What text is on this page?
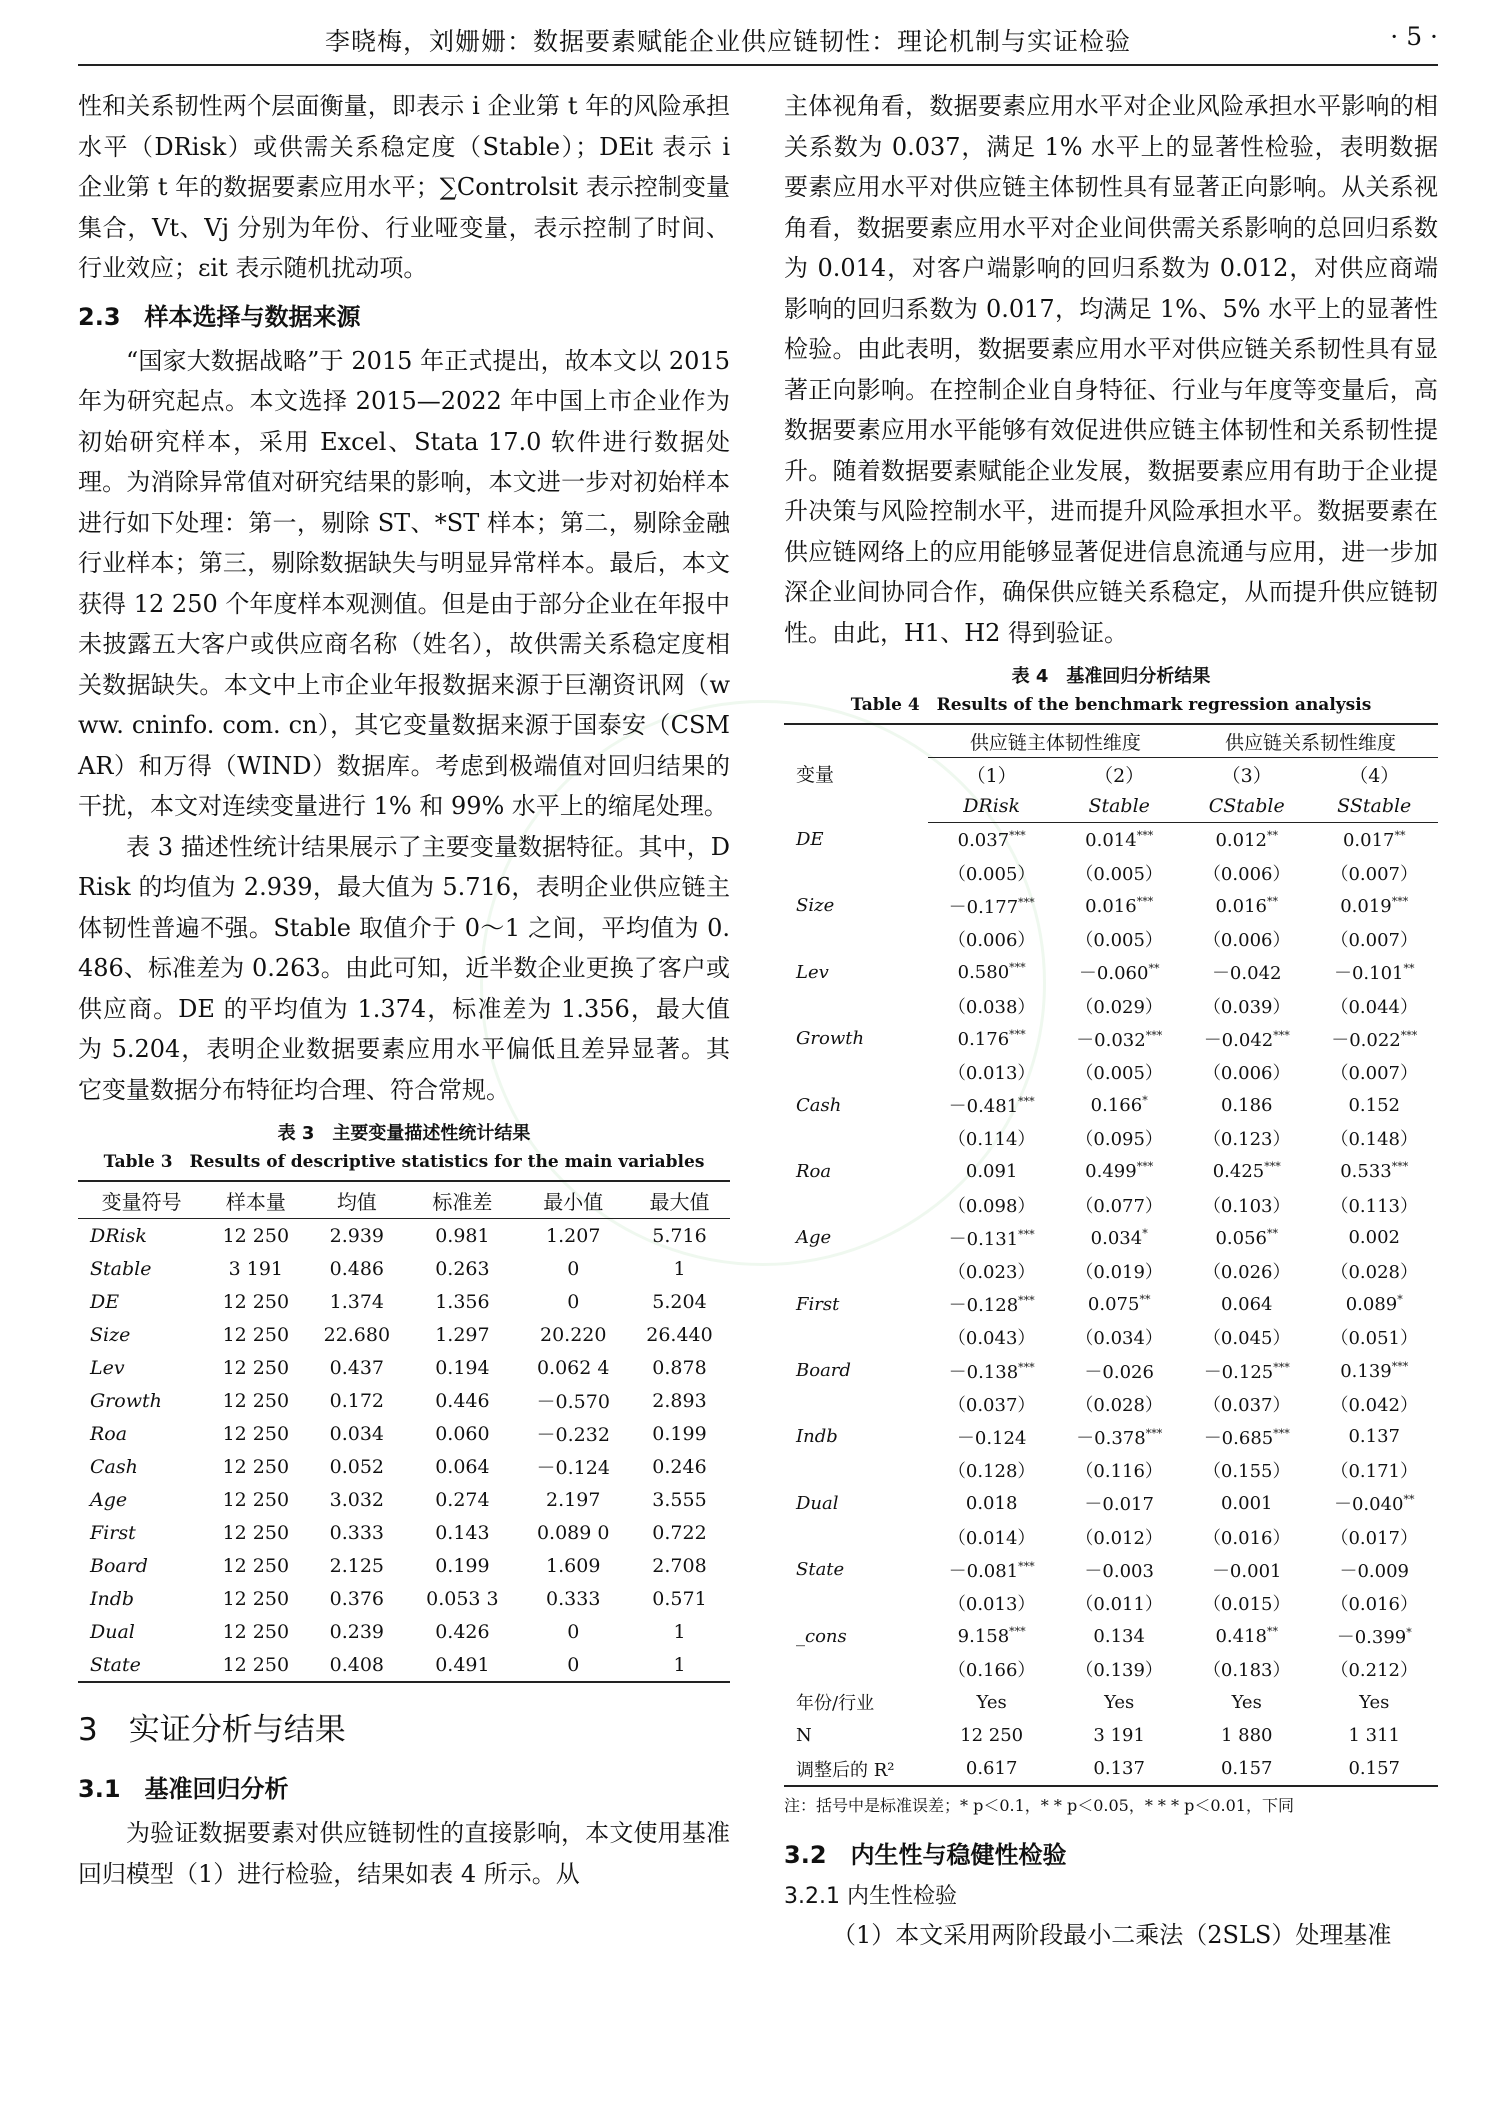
李晓梅，刘姗姗：数据要素赋能企业供应链韧性：理论机制与实证检验	· 5 ·

性和关系韧性两个层面衡量，即表示 i 企业第 t 年的风险承担水平（DRisk）或供需关系稳定度（Stable）；DEit 表示 i 企业第 t 年的数据要素应用水平；∑Controlsit 表示控制变量集合，Vt、Vj 分别为年份、行业哑变量，表示控制了时间、行业效应；εit 表示随机扰动项。

2.3　样本选择与数据来源

“国家大数据战略”于 2015 年正式提出，故本文以 2015 年为研究起点。本文选择 2015—2022 年中国上市企业作为初始研究样本，采用 Excel、Stata 17.0 软件进行数据处理。为消除异常值对研究结果的影响，本文进一步对初始样本进行如下处理：第一，剔除 ST、*ST 样本；第二，剔除金融行业样本；第三，剔除数据缺失与明显异常样本。最后，本文获得 12 250 个年度样本观测值。但是由于部分企业在年报中未披露五大客户或供应商名称（姓名），故供需关系稳定度相关数据缺失。本文中上市企业年报数据来源于巨潮资讯网（www. cninfo. com. cn），其它变量数据来源于国泰安（CSMAR）和万得（WIND）数据库。考虑到极端值对回归结果的干扰，本文对连续变量进行 1% 和 99% 水平上的缩尾处理。

表 3 描述性统计结果展示了主要变量数据特征。其中，DRisk 的均值为 2.939，最大值为 5.716，表明企业供应链主体韧性普遍不强。Stable 取值介于 0～1 之间，平均值为 0.486、标准差为 0.263。由此可知，近半数企业更换了客户或供应商。DE 的平均值为 1.374，标准差为 1.356，最大值为 5.204，表明企业数据要素应用水平偏低且差异显著。其它变量数据分布特征均合理、符合常规。

表 3　主要变量描述性统计结果
Table 3　Results of descriptive statistics for the main variables
变量符号	样本量	均值	标准差	最小值	最大值
DRisk	12 250	2.939	0.981	1.207	5.716
Stable	3 191	0.486	0.263	0	1
DE	12 250	1.374	1.356	0	5.204
Size	12 250	22.680	1.297	20.220	26.440
Lev	12 250	0.437	0.194	0.062 4	0.878
Growth	12 250	0.172	0.446	－0.570	2.893
Roa	12 250	0.034	0.060	－0.232	0.199
Cash	12 250	0.052	0.064	－0.124	0.246
Age	12 250	3.032	0.274	2.197	3.555
First	12 250	0.333	0.143	0.089 0	0.722
Board	12 250	2.125	0.199	1.609	2.708
Indb	12 250	0.376	0.053 3	0.333	0.571
Dual	12 250	0.239	0.426	0	1
State	12 250	0.408	0.491	0	1
3　实证分析与结果
3.1　基准回归分析

为验证数据要素对供应链韧性的直接影响，本文使用基准回归模型（1）进行检验，结果如表 4 所示。从

主体视角看，数据要素应用水平对企业风险承担水平影响的相关系数为 0.037，满足 1% 水平上的显著性检验，表明数据要素应用水平对供应链主体韧性具有显著正向影响。从关系视角看，数据要素应用水平对企业间供需关系影响的总回归系数为 0.014，对客户端影响的回归系数为 0.012，对供应商端影响的回归系数为 0.017，均满足 1%、5% 水平上的显著性检验。由此表明，数据要素应用水平对供应链关系韧性具有显著正向影响。在控制企业自身特征、行业与年度等变量后，高数据要素应用水平能够有效促进供应链主体韧性和关系韧性提升。随着数据要素赋能企业发展，数据要素应用有助于企业提升决策与风险控制水平，进而提升风险承担水平。数据要素在供应链网络上的应用能够显著促进信息流通与应用，进一步加深企业间协同合作，确保供应链关系稳定，从而提升供应链韧性。由此，H1、H2 得到验证。

表 4　基准回归分析结果
Table 4　Results of the benchmark regression analysis
变量	供应链主体韧性维度		供应链关系韧性维度	
	（1）	（2）	（3）	（4）
	DRisk	Stable	CStable	SStable
DE	0.037***	0.014***	0.012**	0.017**
	（0.005）	（0.005）	（0.006）	（0.007）
Size	－0.177***	0.016***	0.016**	0.019***
	（0.006）	（0.005）	（0.006）	（0.007）
Lev	0.580***	－0.060**	－0.042	－0.101**
	（0.038）	（0.029）	（0.039）	（0.044）
Growth	0.176***	－0.032***	－0.042***	－0.022***
	（0.013）	（0.005）	（0.006）	（0.007）
Cash	－0.481***	0.166*	0.186	0.152
	（0.114）	（0.095）	（0.123）	（0.148）
Roa	0.091	0.499***	0.425***	0.533***
	（0.098）	（0.077）	（0.103）	（0.113）
Age	－0.131***	0.034*	0.056**	0.002
	（0.023）	（0.019）	（0.026）	（0.028）
First	－0.128***	0.075**	0.064	0.089*
	（0.043）	（0.034）	（0.045）	（0.051）
Board	－0.138***	－0.026	－0.125***	0.139***
	（0.037）	（0.028）	（0.037）	（0.042）
Indb	－0.124	－0.378***	－0.685***	0.137
	（0.128）	（0.116）	（0.155）	（0.171）
Dual	0.018	－0.017	0.001	－0.040**
	（0.014）	（0.012）	（0.016）	（0.017）
State	－0.081***	－0.003	－0.001	－0.009
	（0.013）	（0.011）	（0.015）	（0.016）
_cons	9.158***	0.134	0.418**	－0.399*
	（0.166）	（0.139）	（0.183）	（0.212）
年份/行业	Yes	Yes	Yes	Yes
N	12 250	3 191	1 880	1 311
调整后的 R²	0.617	0.137	0.157	0.157
注：括号中是标准误差；* p＜0.1，* * p＜0.05，* * * p＜0.01，下同
3.2　内生性与稳健性检验
3.2.1 内生性检验

（1）本文采用两阶段最小二乘法（2SLS）处理基准
